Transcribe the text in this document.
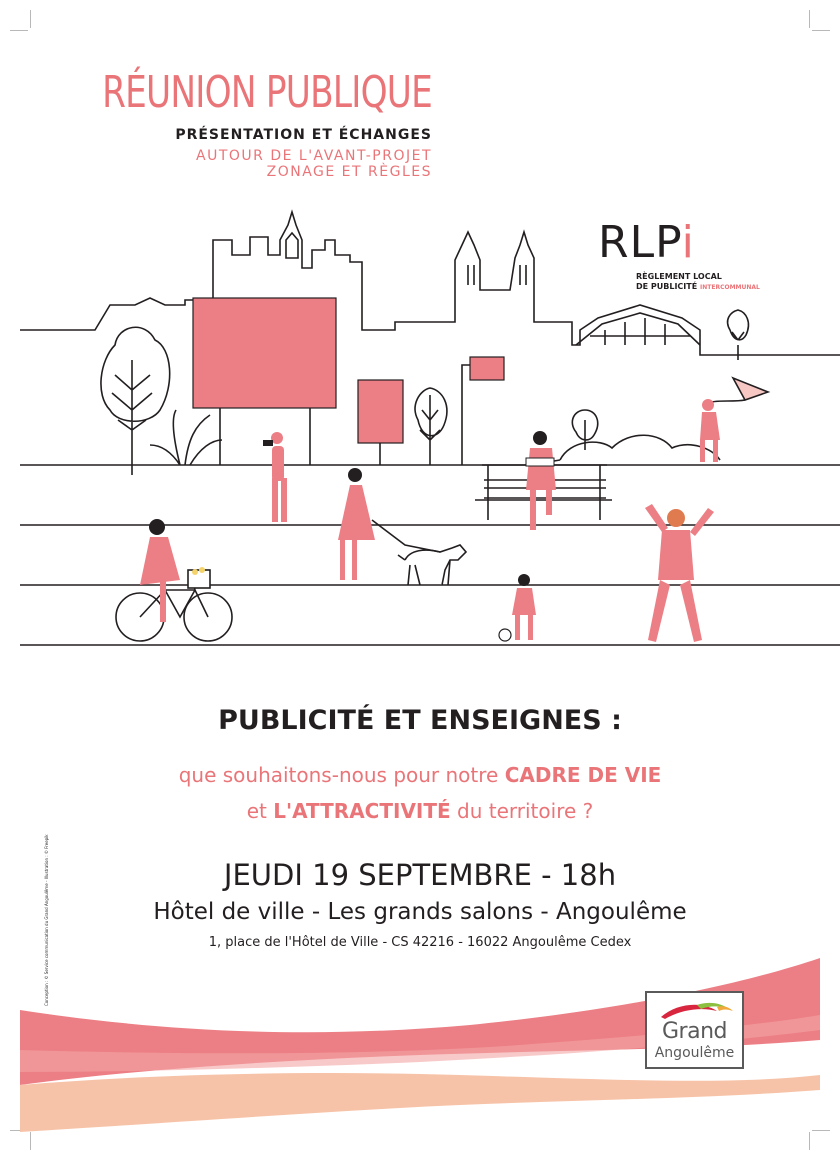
RÉUNION PUBLIQUE
PRÉSENTATION ET ÉCHANGES
AUTOUR DE L'AVANT-PROJET
ZONAGE ET RÈGLES
RLPi
RÈGLEMENT LOCAL
DE PUBLICITÉ INTERCOMMUNAL
PUBLICITÉ ET ENSEIGNES :
que souhaitons-nous pour notre CADRE DE VIE
et L'ATTRACTIVITÉ du territoire ?
JEUDI 19 SEPTEMBRE - 18h
Hôtel de ville - Les grands salons - Angoulême
1, place de l'Hôtel de Ville - CS 42216 - 16022 Angoulême Cedex
Conception : © Service communication du Grand Angoulême - Illustration : © Freepik
Grand
Angoulême
